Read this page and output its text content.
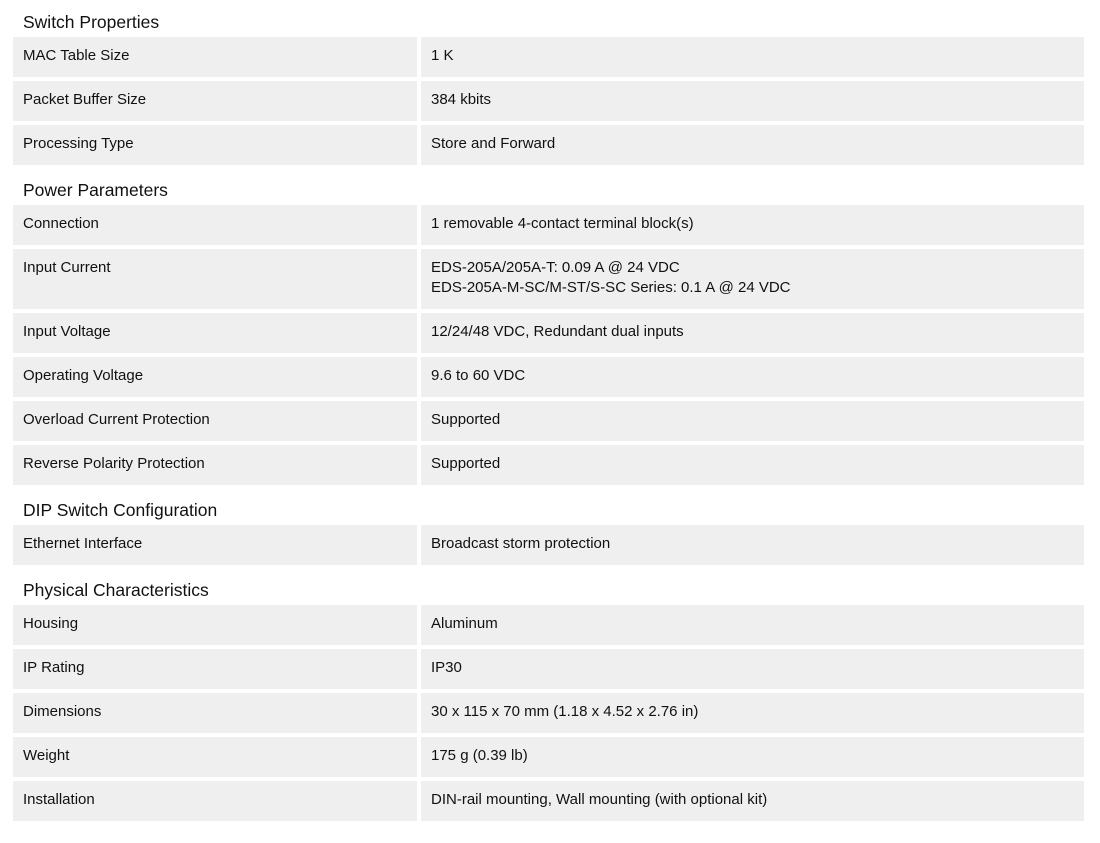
Switch Properties
MAC Table Size	1 K
Packet Buffer Size	384 kbits
Processing Type	Store and Forward
Power Parameters
Connection	1 removable 4-contact terminal block(s)
Input Current	EDS-205A/205A-T: 0.09 A @ 24 VDC
EDS-205A-M-SC/M-ST/S-SC Series: 0.1 A @ 24 VDC
Input Voltage	12/24/48 VDC, Redundant dual inputs
Operating Voltage	9.6 to 60 VDC
Overload Current Protection	Supported
Reverse Polarity Protection	Supported
DIP Switch Configuration
Ethernet Interface	Broadcast storm protection
Physical Characteristics
Housing	Aluminum
IP Rating	IP30
Dimensions	30 x 115 x 70 mm (1.18 x 4.52 x 2.76 in)
Weight	175 g (0.39 lb)
Installation	DIN-rail mounting, Wall mounting (with optional kit)
